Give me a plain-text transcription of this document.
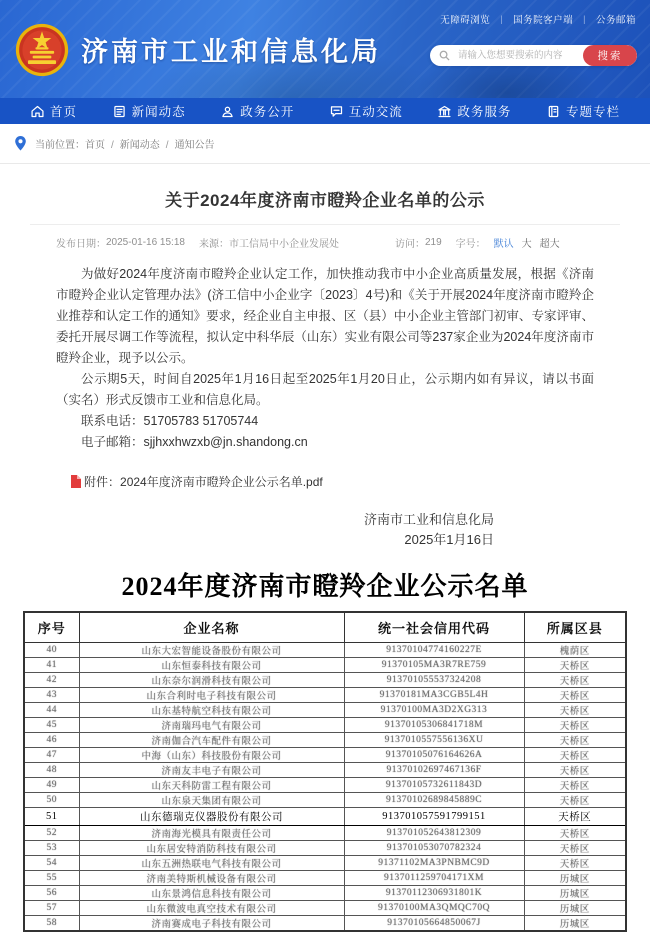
无障碍浏览 | 国务院客户端 | 公务邮箱
济南市工业和信息化局
请输入您想要搜索的内容	搜索
首页	新闻动态	政务公开	互动交流	政务服务	专题专栏
当前位置： 首页 / 新闻动态 / 通知公告
关于2024年度济南市瞪羚企业名单的公示
发布日期： 2025-01-16 15:18 来源： 市工信局中小企业发展处	访问： 219 字号： 默认 大 超大

为做好2024年度济南市瞪羚企业认定工作，加快推动我市中小企业高质量发展，根据《济南市瞪羚企业认定管理办法》(济工信中小企业字〔2023〕4号)和《关于开展2024年度济南市瞪羚企业推荐和认定工作的通知》要求，经企业自主申报、区（县）中小企业主管部门初审、专家评审、委托开展尽调工作等流程，拟认定中科华辰（山东）实业有限公司等237家企业为2024年度济南市瞪羚企业，现予以公示。

公示期5天，时间自2025年1月16日起至2025年1月20日止，公示期内如有异议，请以书面（实名）形式反馈市工业和信息化局。

联系电话：51705783 51705744

电子邮箱：sjjhxxhwzxb@jn.shandong.cn

附件： 2024年度济南市瞪羚企业公示名单.pdf
济南市工业和信息化局
2025年1月16日
2024年度济南市瞪羚企业公示名单
序号	企业名称	统一社会信用代码	所属区县
40	山东大宏智能设备股份有限公司	91370104774160227E	槐荫区
41	山东恒泰科技有限公司	91370105MA3R7RE759	天桥区
42	山东奈尔润滑科技有限公司	913701055537324208	天桥区
43	山东合利时电子科技有限公司	91370181MA3CGB5L4H	天桥区
44	山东基特航空科技有限公司	91370100MA3D2XG313	天桥区
45	济南瑞玛电气有限公司	91370105306841718M	天桥区
46	济南伽合汽车配件有限公司	9137010557556136XU	天桥区
47	中海（山东）科技股份有限公司	91370105076164626A	天桥区
48	济南友丰电子有限公司	91370102697467136F	天桥区
49	山东天科防雷工程有限公司	91370105732611843D	天桥区
50	山东泉天集团有限公司	91370102689845889C	天桥区
51	山东德瑞克仪器股份有限公司	913701057591799151	天桥区
52	济南海光模具有限责任公司	913701052643812309	天桥区
53	山东居安特消防科技有限公司	913701053070782324	天桥区
54	山东五洲热联电气科技有限公司	91371102MA3PNBMC9D	天桥区
55	济南美特斯机械设备有限公司	9137011259704171XM	历城区
56	山东景鸿信息科技有限公司	91370112306931801K	历城区
57	山东微波电真空技术有限公司	91370100MA3QMQC70Q	历城区
58	济南赛成电子科技有限公司	91370105664850067J	历城区
